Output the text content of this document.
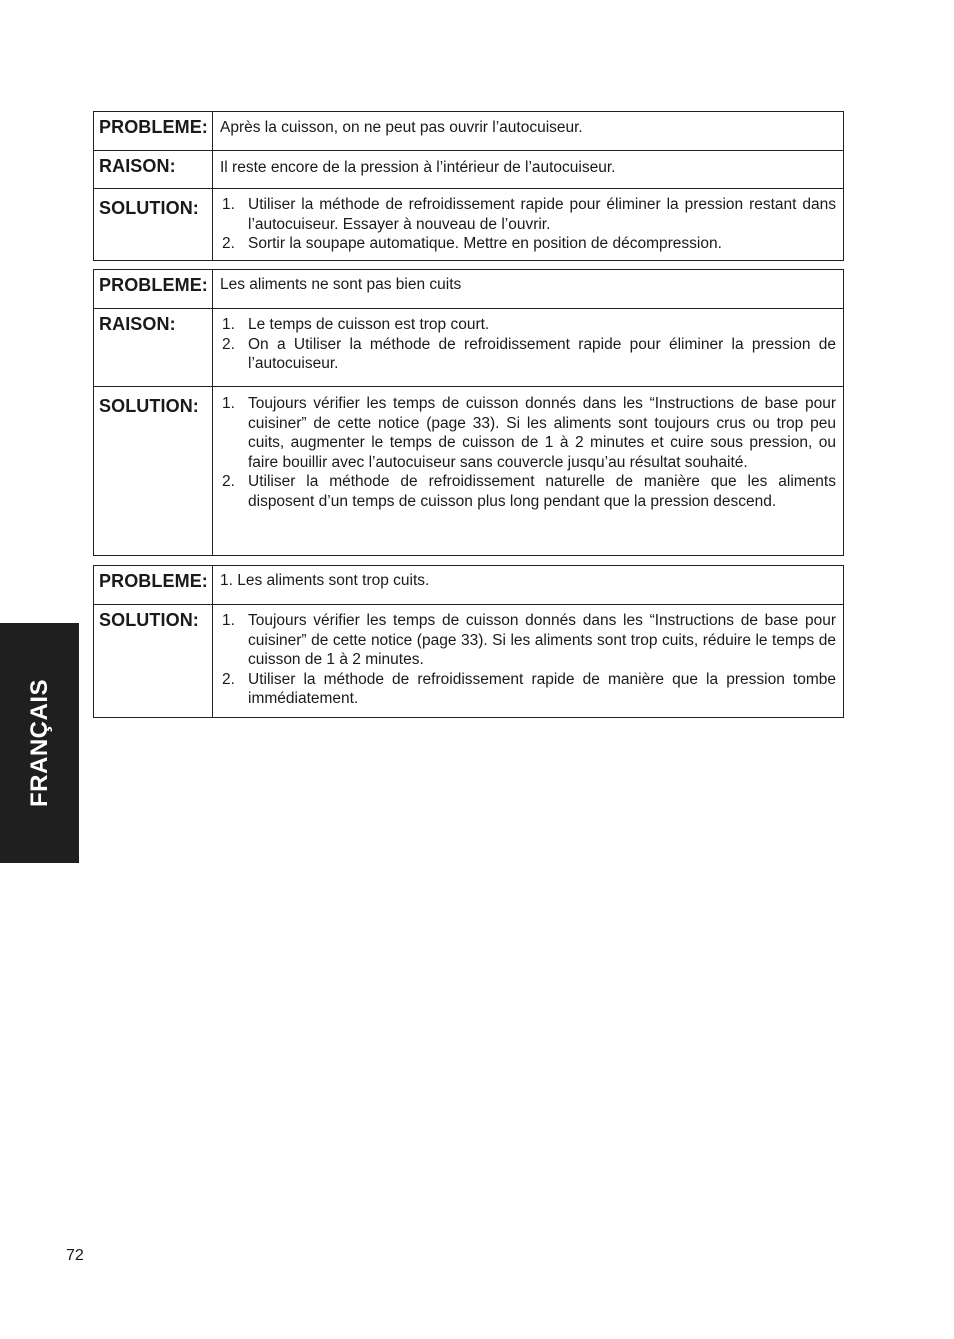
PROBLEME: Après la cuisson, on ne peut pas ouvrir l’autocuiseur.
RAISON:	Il reste encore de la pression à l’intérieur de l’autocuiseur.
SOLUTION:	1. Utiliser la méthode de refroidissement rapide pour éliminer la pression restant dans l’autocuiseur. Essayer à nouveau de l’ouvrir.
2. Sortir la soupape automatique. Mettre en position de décompression.
PROBLEME: Les aliments ne sont pas bien cuits
RAISON:	1. Le temps de cuisson est trop court.
2. On a Utiliser la méthode de refroidissement rapide pour éliminer la pression de l’autocuiseur.
SOLUTION:	1. Toujours vérifier les temps de cuisson donnés dans les “Instructions de base pour cuisiner” de cette notice (page 33). Si les aliments sont toujours crus ou trop peu cuits, augmenter le temps de cuisson de 1 à 2 minutes et cuire sous pression, ou faire bouillir avec l’autocuiseur sans couvercle jusqu’au résultat souhaité.
2. Utiliser la méthode de refroidissement naturelle de manière que les aliments disposent d’un temps de cuisson plus long pendant que la pression descend.
PROBLEME: 1. Les aliments sont trop cuits.
SOLUTION:	1. Toujours vérifier les temps de cuisson donnés dans les “Instructions de base pour cuisiner” de cette notice (page 33). Si les aliments sont trop cuits, réduire le temps de cuisson de 1 à 2 minutes.
2. Utiliser la méthode de refroidissement rapide de manière que la pression tombe immédiatement.
FRANÇAIS
72
